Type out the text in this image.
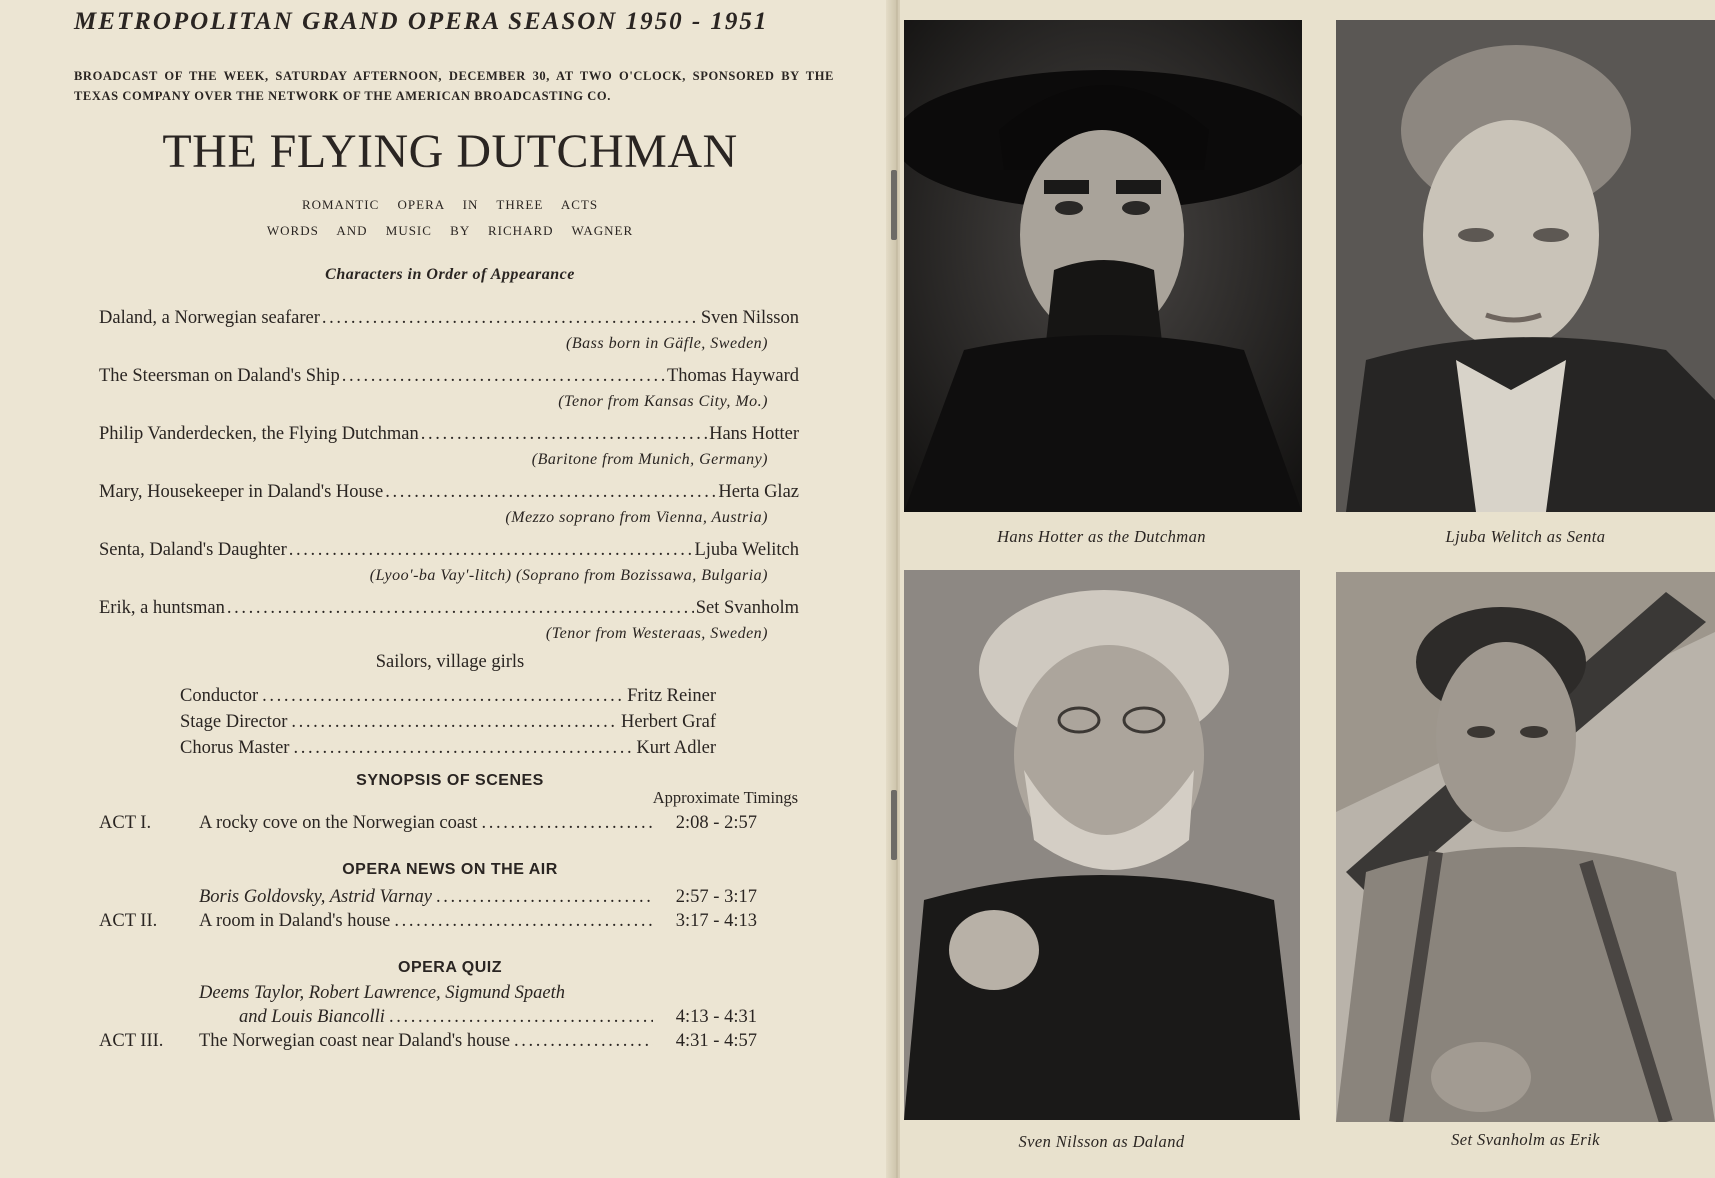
METROPOLITAN GRAND OPERA SEASON 1950 - 1951
BROADCAST OF THE WEEK, SATURDAY AFTERNOON, DECEMBER 30, AT TWO O'CLOCK, SPONSORED BY THE TEXAS COMPANY OVER THE NETWORK OF THE AMERICAN BROADCASTING CO.
THE FLYING DUTCHMAN
ROMANTIC OPERA IN THREE ACTS
WORDS AND MUSIC BY RICHARD WAGNER
Characters in Order of Appearance
Daland, a Norwegian seafarer . . .	Sven Nilsson
(Bass born in Gäfle, Sweden)
The Steersman on Daland's Ship . . .	Thomas Hayward
(Tenor from Kansas City, Mo.)
Philip Vanderdecken, the Flying Dutchman . . .	Hans Hotter
(Baritone from Munich, Germany)
Mary, Housekeeper in Daland's House . . .	Herta Glaz
(Mezzo soprano from Vienna, Austria)
Senta, Daland's Daughter . . .	Ljuba Welitch
(Lyoo'-ba Vay'-litch) (Soprano from Bozissawa, Bulgaria)
Erik, a huntsman . . .	Set Svanholm
(Tenor from Westeraas, Sweden)
Sailors, village girls
Conductor . . .	Fritz Reiner
Stage Director . . .	Herbert Graf
Chorus Master . . .	Kurt Adler
SYNOPSIS OF SCENES
Approximate Timings
ACT I.	A rocky cove on the Norwegian coast . . .	2:08 - 2:57
OPERA NEWS ON THE AIR
Boris Goldovsky, Astrid Varnay . . .	2:57 - 3:17
ACT II.	A room in Daland's house . . .	3:17 - 4:13
OPERA QUIZ
Deems Taylor, Robert Lawrence, Sigmund Spaeth
and Louis Biancolli . . .	4:13 - 4:31
ACT III.	The Norwegian coast near Daland's house . . .	4:31 - 4:57
Hans Hotter as the Dutchman	Ljuba Welitch as Senta
Sven Nilsson as Daland	Set Svanholm as Erik
